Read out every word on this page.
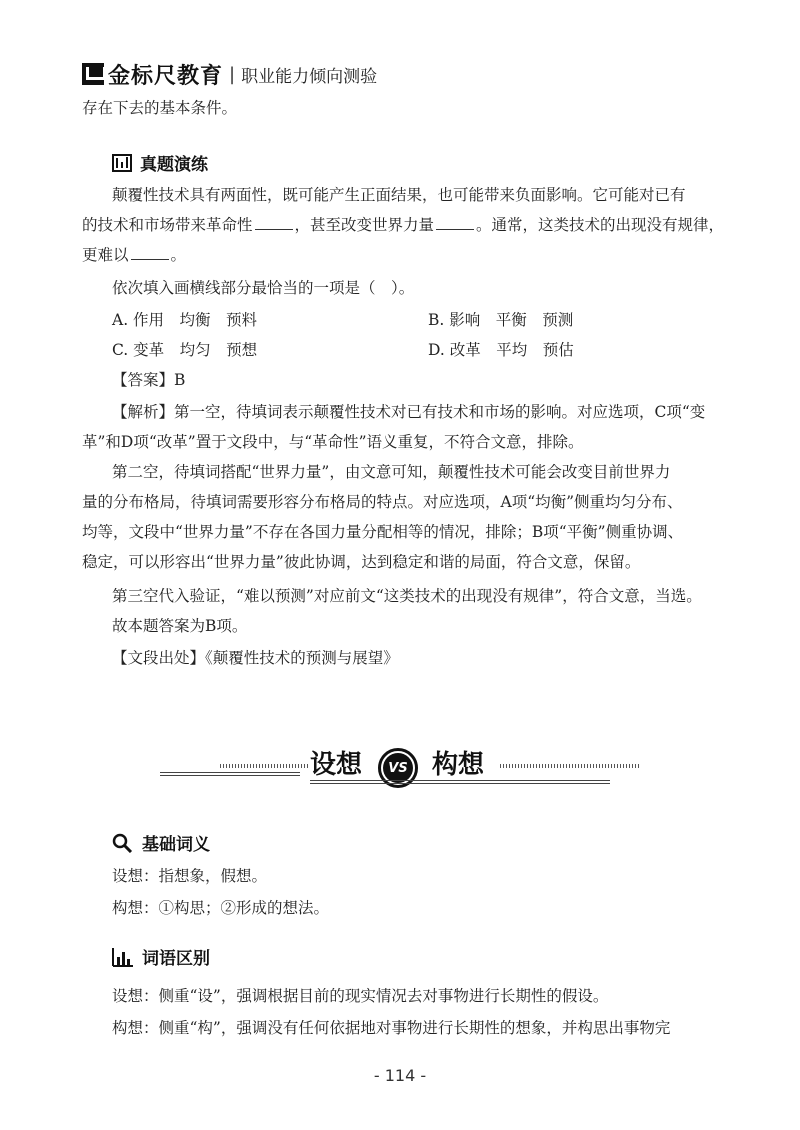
金标尺教育 | 职业能力倾向测验
存在下去的基本条件。
真题演练
颠覆性技术具有两面性，既可能产生正面结果，也可能带来负面影响。它可能对已有
的技术和市场带来革命性	，甚至改变世界力量	。通常，这类技术的出现没有规律，
更难以	。
依次填入画横线部分最恰当的一项是（　）。
A. 作用　均衡　预料	B. 影响　平衡　预测
C. 变革　均匀　预想	D. 改革　平均　预估
【答案】B
【解析】第一空，待填词表示颠覆性技术对已有技术和市场的影响。对应选项，C项“变
革”和D项“改革”置于文段中，与“革命性”语义重复，不符合文意，排除。
第二空，待填词搭配“世界力量”，由文意可知，颠覆性技术可能会改变目前世界力
量的分布格局，待填词需要形容分布格局的特点。对应选项，A项“均衡”侧重均匀分布、
均等，文段中“世界力量”不存在各国力量分配相等的情况，排除；B项“平衡”侧重协调、
稳定，可以形容出“世界力量”彼此协调，达到稳定和谐的局面，符合文意，保留。
第三空代入验证，“难以预测”对应前文“这类技术的出现没有规律”，符合文意，当选。
故本题答案为B项。
【文段出处】《颠覆性技术的预测与展望》
设想	VS 构想
基础词义
设想：指想象，假想。
构想：①构思；②形成的想法。
词语区别
设想：侧重“设”，强调根据目前的现实情况去对事物进行长期性的假设。
构想：侧重“构”，强调没有任何依据地对事物进行长期性的想象，并构思出事物完
- 114 -
